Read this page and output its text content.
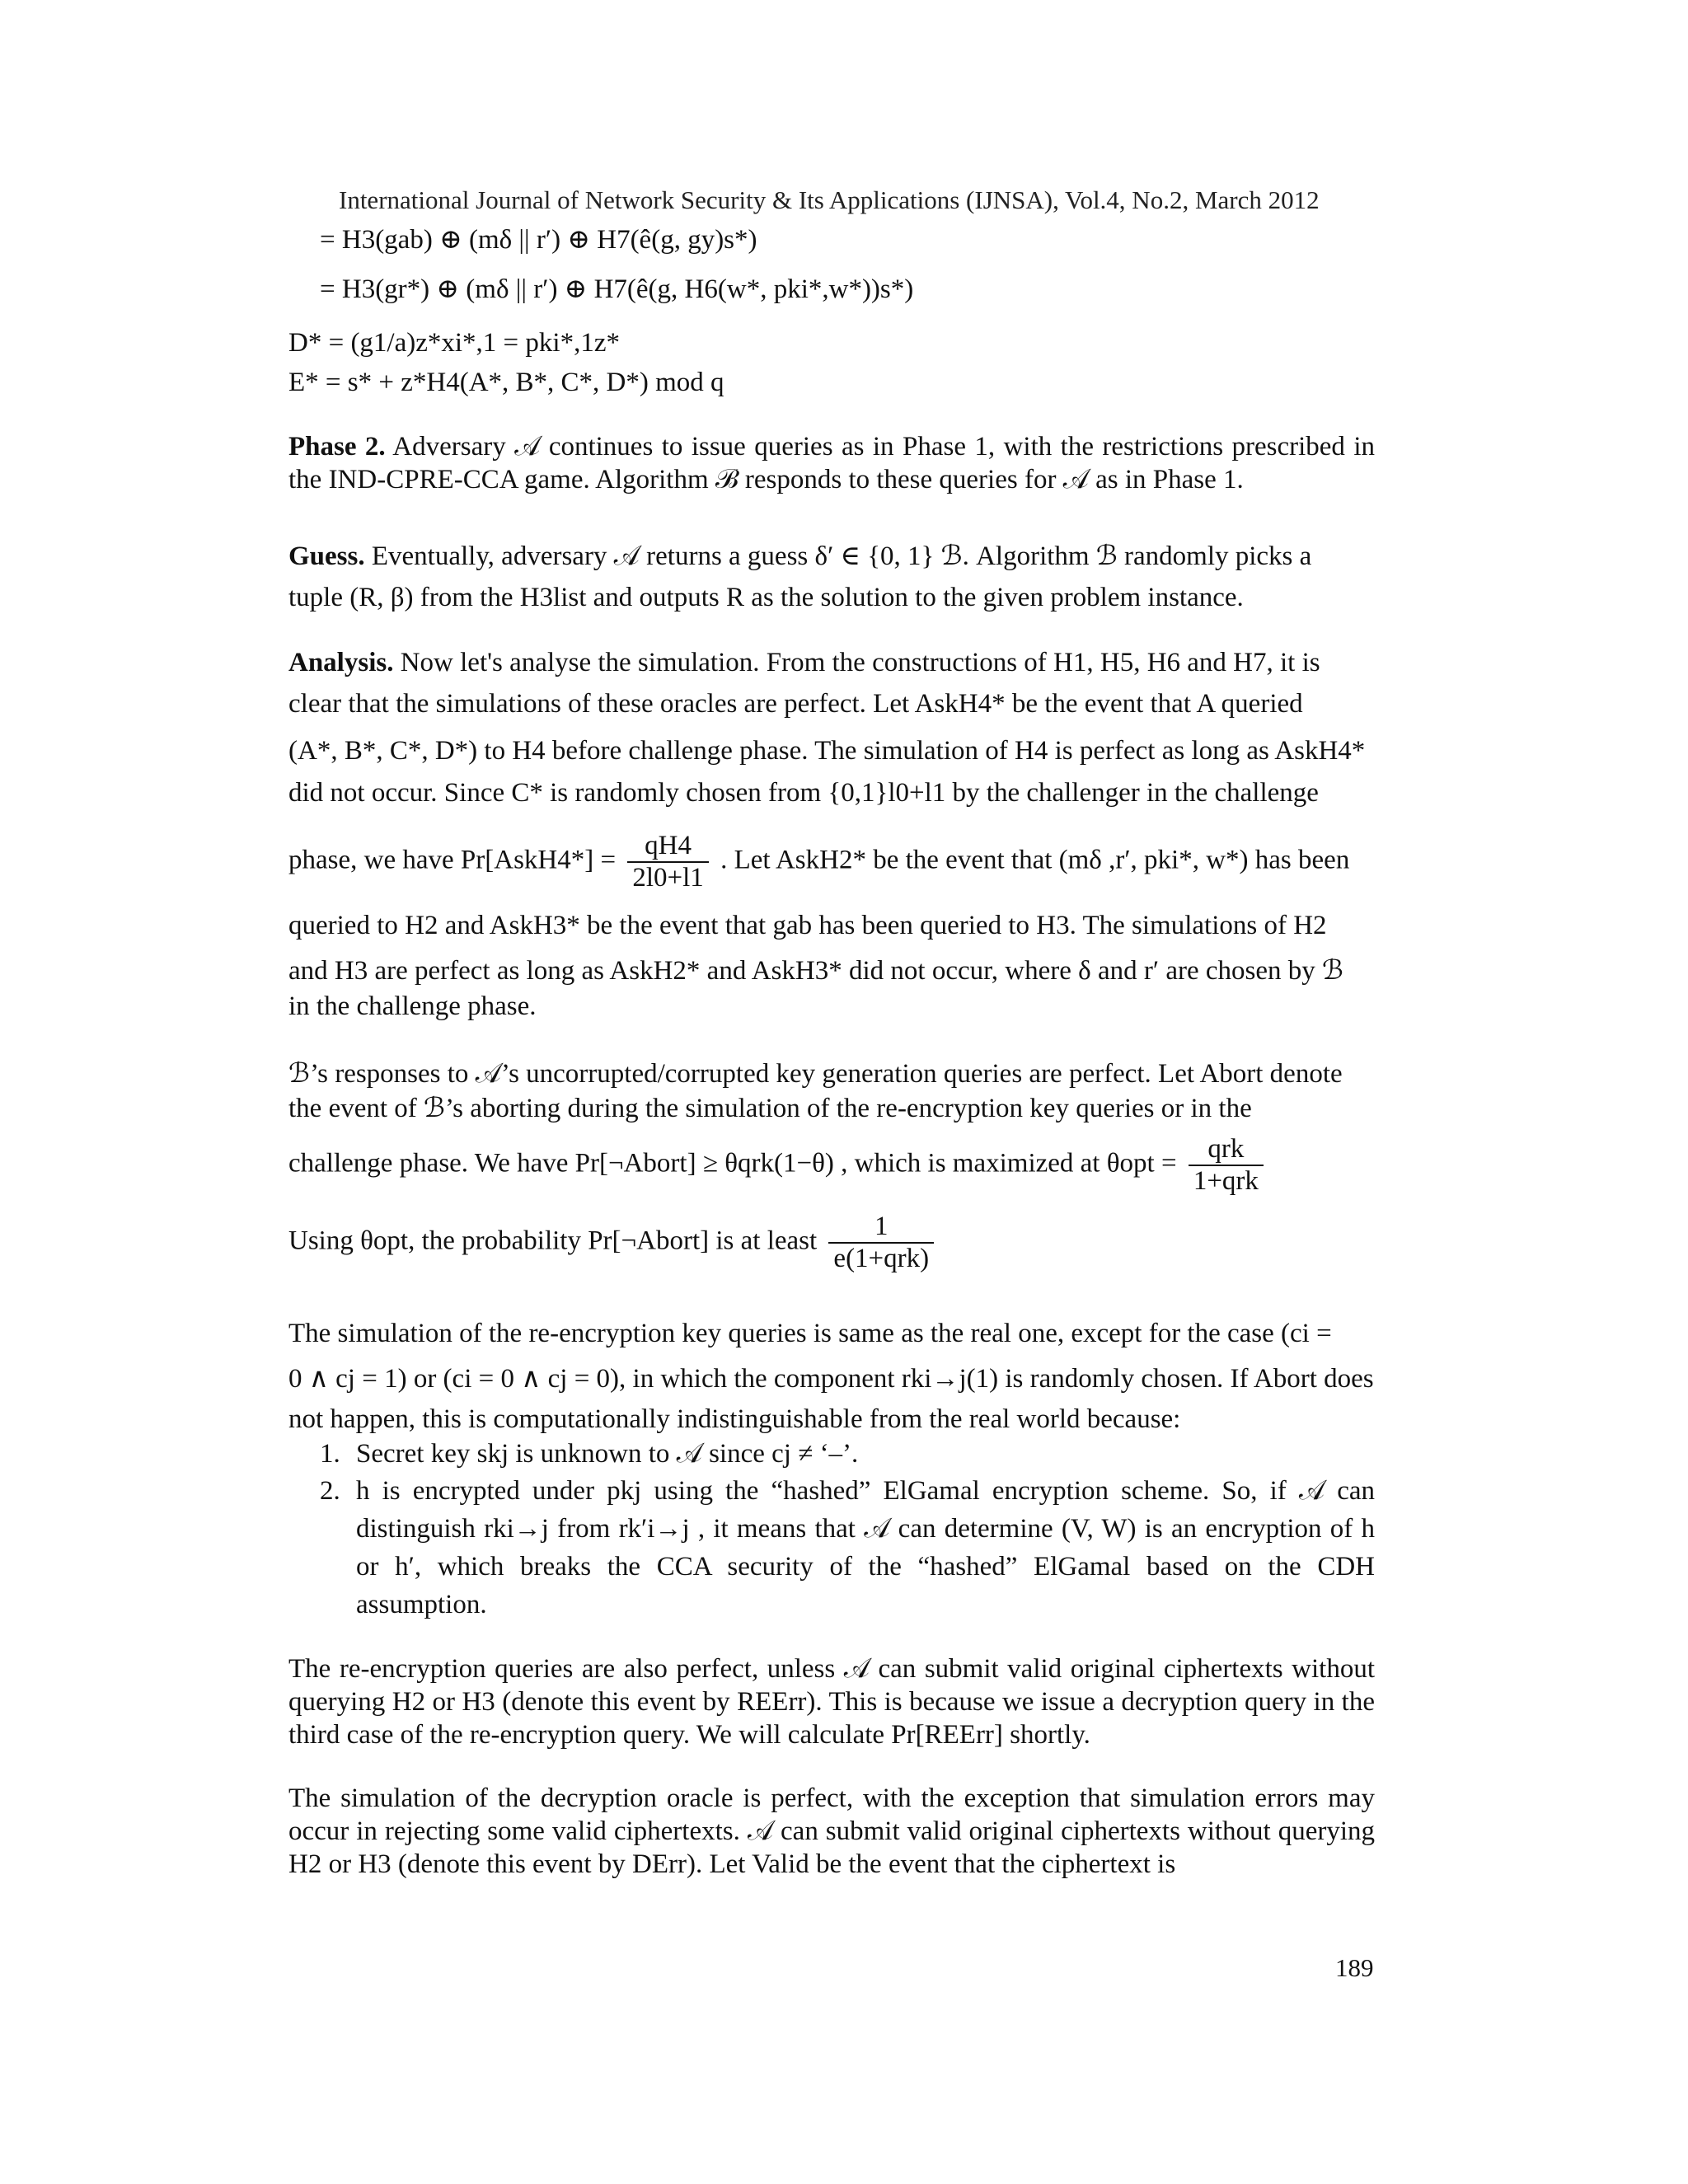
International Journal of Network Security & Its Applications (IJNSA), Vol.4, No.2, March 2012
= H3(gab) ⊕ (mδ || r′) ⊕ H7(ê(g, gy)s*)
= H3(gr*) ⊕ (mδ || r′) ⊕ H7(ê(g, H6(w*, pki*,w*))s*)
D* = (g1/a)z*xi*,1 = pki*,1z*
E* = s* + z*H4(A*, B*, C*, D*) mod q
Phase 2. Adversary 𝒜 continues to issue queries as in Phase 1, with the restrictions prescribed in the IND-CPRE-CCA game. Algorithm ℬ responds to these queries for 𝒜 as in Phase 1.
Guess. Eventually, adversary 𝒜 returns a guess δ′ ∈ {0, 1} ℬ. Algorithm ℬ randomly picks a
tuple (R, β) from the H3list and outputs R as the solution to the given problem instance.
Analysis. Now let's analyse the simulation. From the constructions of H1, H5, H6 and H7, it is
clear that the simulations of these oracles are perfect. Let AskH4* be the event that A queried
(A*, B*, C*, D*) to H4 before challenge phase. The simulation of H4 is perfect as long as AskH4*
did not occur. Since C* is randomly chosen from {0,1}l0+l1 by the challenger in the challenge
phase, we have Pr[AskH4*] = $\frac{qH4}{2l0+l1}$ . Let AskH2* be the event that (mδ ,r′, pki*, w*) has been
queried to H2 and AskH3* be the event that gab has been queried to H3. The simulations of H2
and H3 are perfect as long as AskH2* and AskH3* did not occur, where δ and r′ are chosen by ℬ
in the challenge phase.
ℬ’s responses to 𝒜’s uncorrupted/corrupted key generation queries are perfect. Let Abort denote
the event of ℬ’s aborting during the simulation of the re-encryption key queries or in the
challenge phase. We have Pr[¬Abort] ≥ θqrk(1−θ) , which is maximized at $\theta opt = \frac{\text{qrk}}{\text{1+qrk}}$
Using θopt, the probability Pr[¬Abort] is at least $\frac{1}{\text{e(1+qrk)}}$
The simulation of the re-encryption key queries is same as the real one, except for the case (ci =
0 ∧ cj = 1) or (ci = 0 ∧ cj = 0), in which the component rki→j(1) is randomly chosen. If Abort does
not happen, this is computationally indistinguishable from the real world because:
1. Secret key skj is unknown to 𝒜 since cj ≠ ‘–’.
2. h is encrypted under pkj using the “hashed” ElGamal encryption scheme. So, if 𝒜 can distinguish rki→j from rk′i→j , it means that 𝒜 can determine (V, W) is an encryption of h or h′, which breaks the CCA security of the “hashed” ElGamal based on the CDH assumption.
The re-encryption queries are also perfect, unless 𝒜 can submit valid original ciphertexts without querying H2 or H3 (denote this event by REErr). This is because we issue a decryption query in the third case of the re-encryption query. We will calculate Pr[REErr] shortly.
The simulation of the decryption oracle is perfect, with the exception that simulation errors may occur in rejecting some valid ciphertexts. 𝒜 can submit valid original ciphertexts without querying H2 or H3 (denote this event by DErr). Let Valid be the event that the ciphertext is
189
